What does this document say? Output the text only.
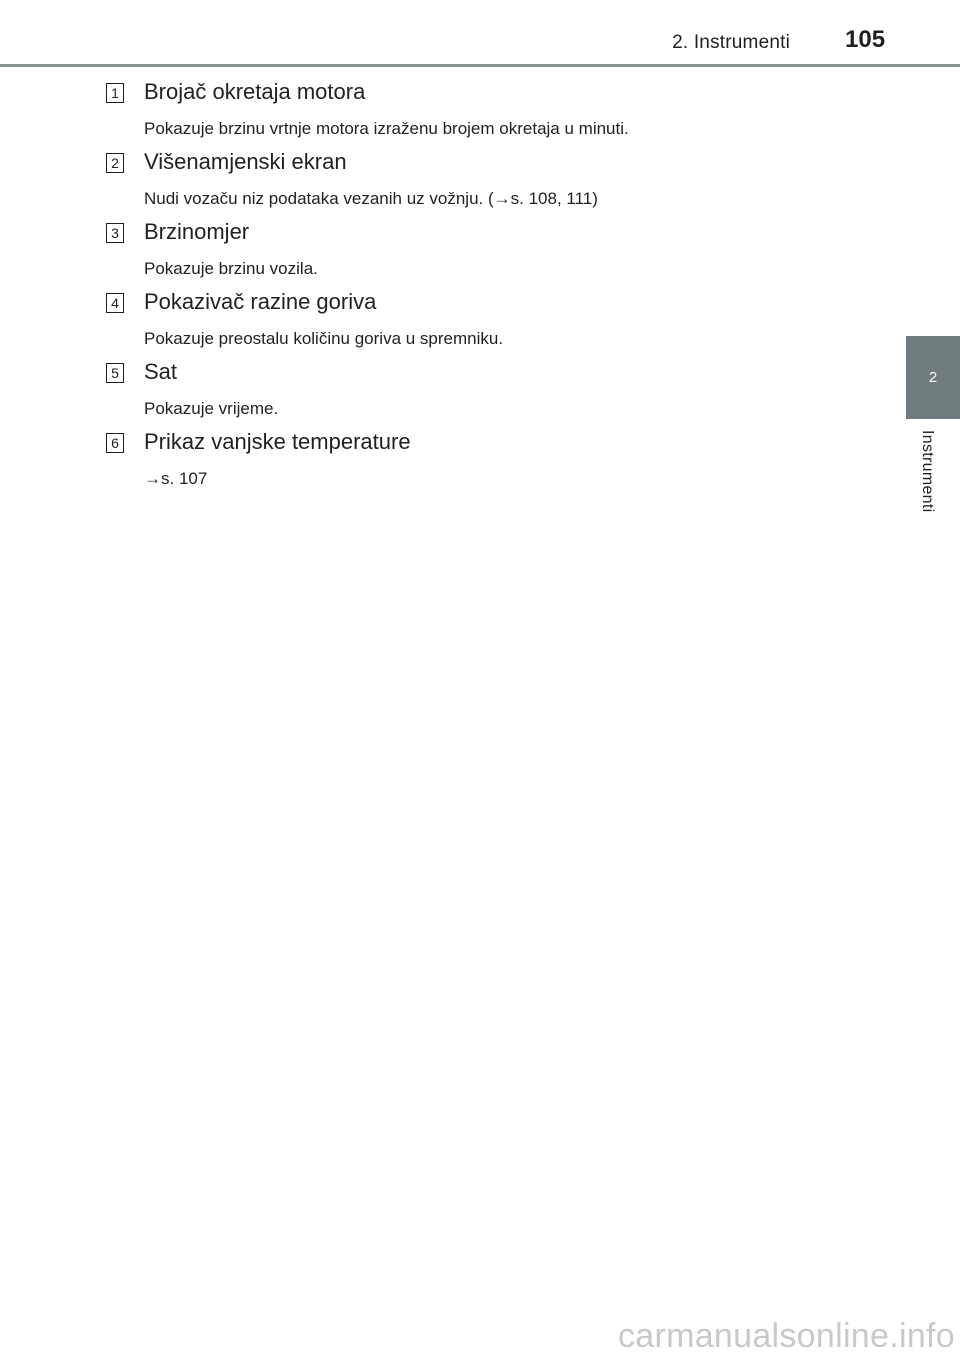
2. Instrumenti 105
2
Instrumenti
1 Brojač okretaja motora
Pokazuje brzinu vrtnje motora izraženu brojem okretaja u minuti.
2 Višenamjenski ekran
Nudi vozaču niz podataka vezanih uz vožnju. (→s. 108, 111)
3 Brzinomjer
Pokazuje brzinu vozila.
4 Pokazivač razine goriva
Pokazuje preostalu količinu goriva u spremniku.
5 Sat
Pokazuje vrijeme.
6 Prikaz vanjske temperature
→s. 107
carmanualsonline.info
